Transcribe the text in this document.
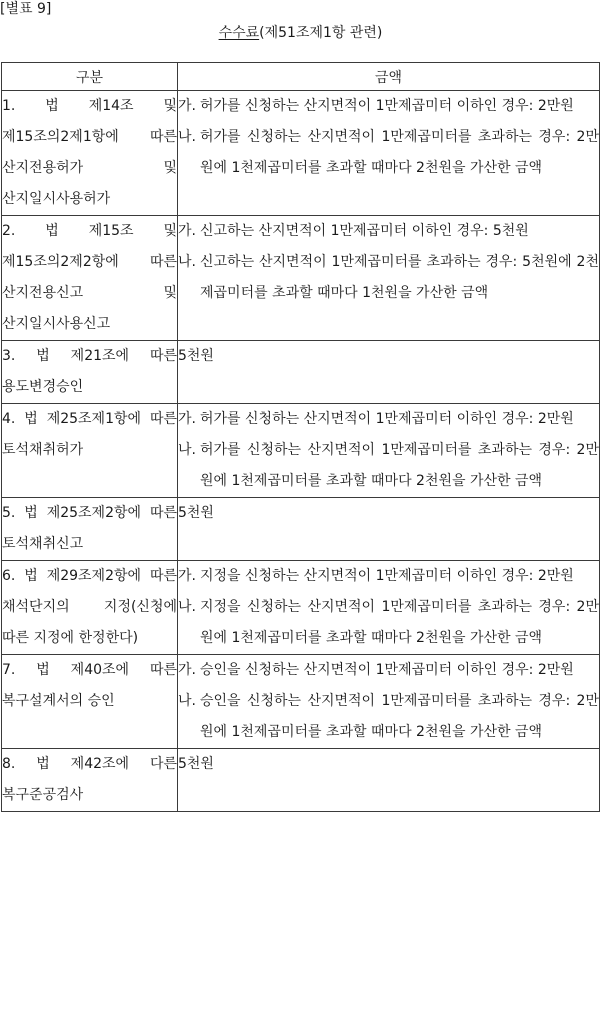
[별표 9]
수수료(제51조제1항 관련)
구분	금액
1. 법 제14조 및 제15조의2제1항에 따른 산지전용허가 및 산지일시사용허가	가. 허가를 신청하는 산지면적이 1만제곱미터 이하인 경우: 2만원
나. 허가를 신청하는 산지면적이 1만제곱미터를 초과하는 경우: 2만원에 1천제곱미터를 초과할 때마다 2천원을 가산한 금액

2. 법 제15조 및 제15조의2제2항에 따른 산지전용신고 및 산지일시사용신고	가. 신고하는 산지면적이 1만제곱미터 이하인 경우: 5천원
나. 신고하는 산지면적이 1만제곱미터를 초과하는 경우: 5천원에 2천제곱미터를 초과할 때마다 1천원을 가산한 금액

3. 법 제21조에 따른 용도변경승인	5천원

4. 법 제25조제1항에 따른 토석채취허가	가. 허가를 신청하는 산지면적이 1만제곱미터 이하인 경우: 2만원
나. 허가를 신청하는 산지면적이 1만제곱미터를 초과하는 경우: 2만원에 1천제곱미터를 초과할 때마다 2천원을 가산한 금액

5. 법 제25조제2항에 따른 토석채취신고	5천원

6. 법 제29조제2항에 따른 채석단지의 지정(신청에 따른 지정에 한정한다)	가. 지정을 신청하는 산지면적이 1만제곱미터 이하인 경우: 2만원
나. 지정을 신청하는 산지면적이 1만제곱미터를 초과하는 경우: 2만원에 1천제곱미터를 초과할 때마다 2천원을 가산한 금액

7. 법 제40조에 따른 복구설계서의 승인	가. 승인을 신청하는 산지면적이 1만제곱미터 이하인 경우: 2만원
나. 승인을 신청하는 산지면적이 1만제곱미터를 초과하는 경우: 2만원에 1천제곱미터를 초과할 때마다 2천원을 가산한 금액

8. 법 제42조에 다른 복구준공검사	5천원
